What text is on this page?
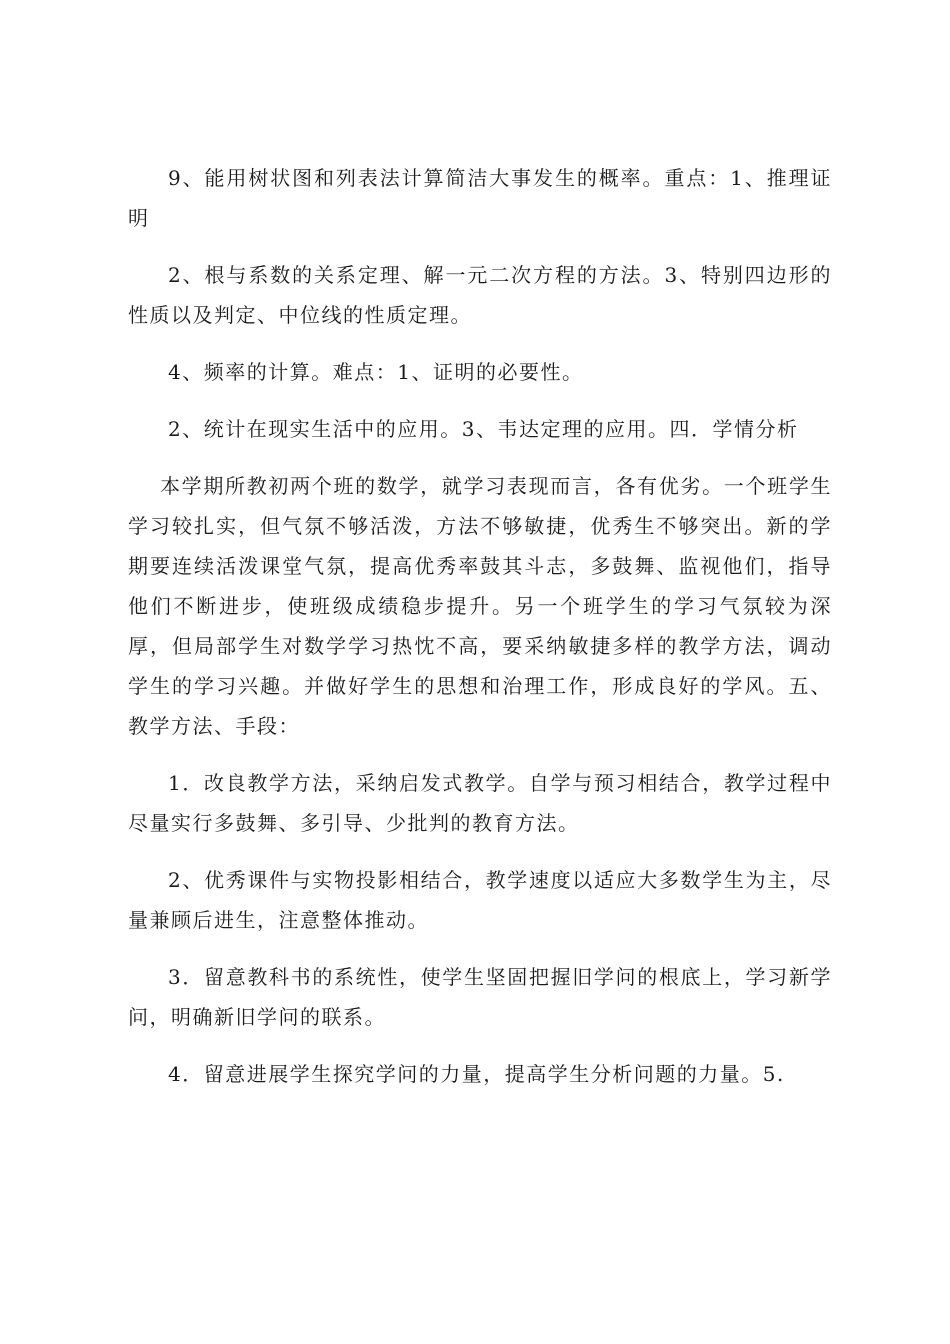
9、能用树状图和列表法计算简洁大事发生的概率。重点：1、推理证明

2、根与系数的关系定理、解一元二次方程的方法。3、特别四边形的性质以及判定、中位线的性质定理。

4、频率的计算。难点：1、证明的必要性。

2、统计在现实生活中的应用。3、韦达定理的应用。四．学情分析

本学期所教初两个班的数学，就学习表现而言，各有优劣。一个班学生学习较扎实，但气氛不够活泼，方法不够敏捷，优秀生不够突出。新的学期要连续活泼课堂气氛，提高优秀率鼓其斗志，多鼓舞、监视他们，指导他们不断进步，使班级成绩稳步提升。另一个班学生的学习气氛较为深厚，但局部学生对数学学习热忱不高，要采纳敏捷多样的教学方法，调动学生的学习兴趣。并做好学生的思想和治理工作，形成良好的学风。五、教学方法、手段：

1．改良教学方法，采纳启发式教学。自学与预习相结合，教学过程中尽量实行多鼓舞、多引导、少批判的教育方法。

2、优秀课件与实物投影相结合，教学速度以适应大多数学生为主，尽量兼顾后进生，注意整体推动。

3．留意教科书的系统性，使学生坚固把握旧学问的根底上，学习新学问，明确新旧学问的联系。

4．留意进展学生探究学问的力量，提高学生分析问题的力量。5.
